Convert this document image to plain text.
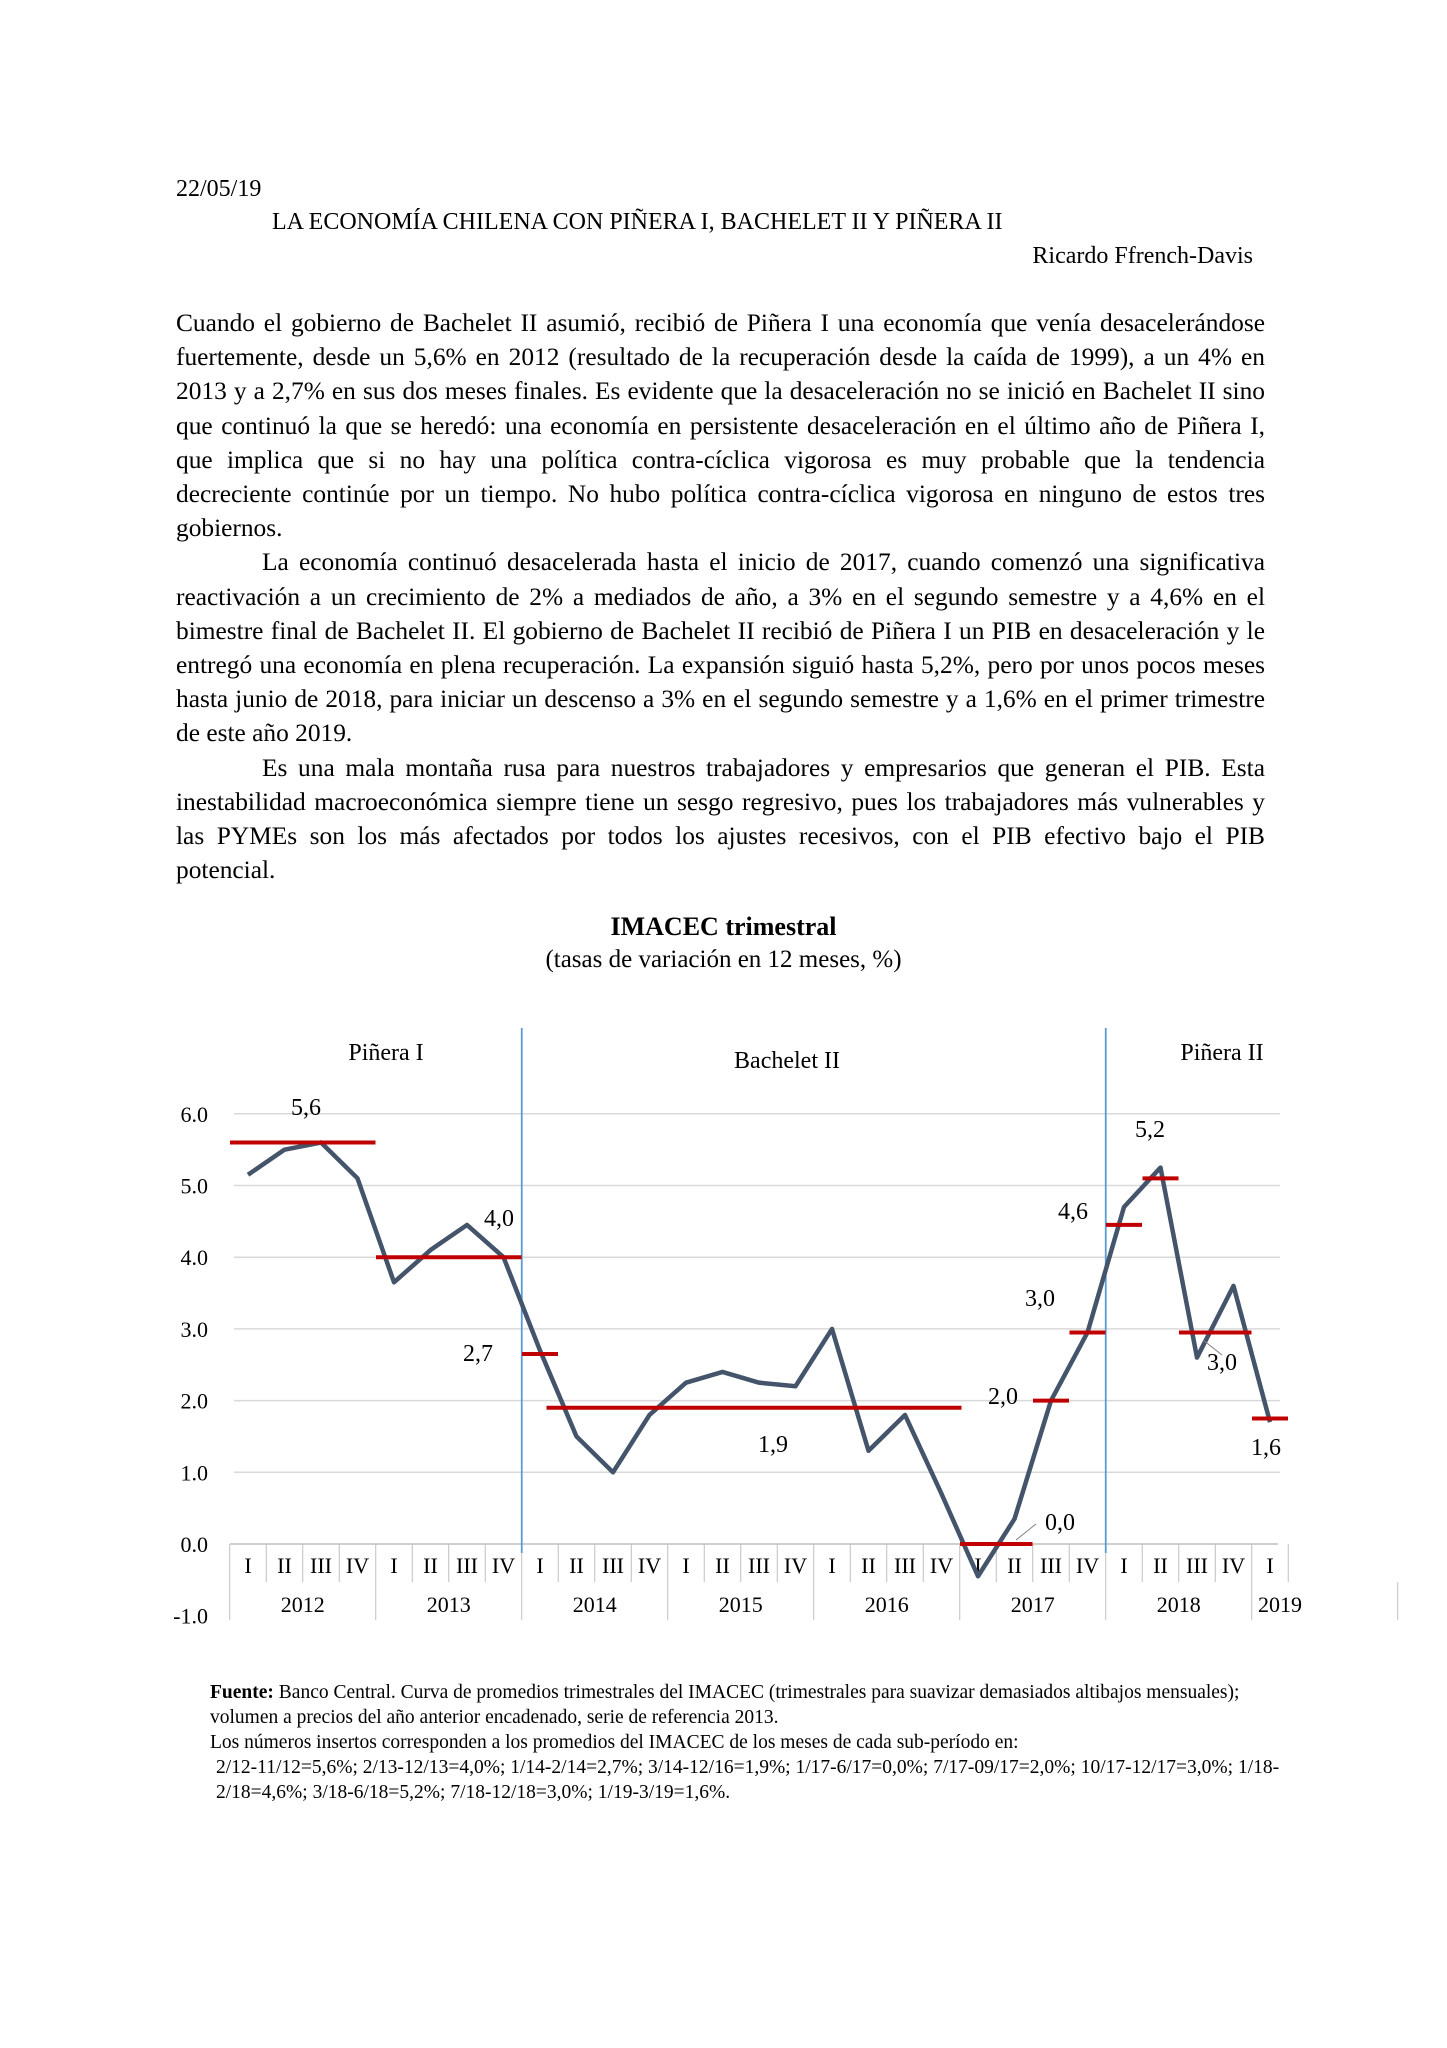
22/05/19
LA ECONOMÍA CHILENA CON PIÑERA I, BACHELET II Y PIÑERA II
Ricardo Ffrench-Davis

Cuando el gobierno de Bachelet II asumió, recibió de Piñera I una economía que venía desacelerándose fuertemente, desde un 5,6% en 2012 (resultado de la recuperación desde la caída de 1999), a un 4% en 2013 y a 2,7% en sus dos meses finales. Es evidente que la desaceleración no se inició en Bachelet II sino que continuó la que se heredó: una economía en persistente desaceleración en el último año de Piñera I, que implica que si no hay una política contra-cíclica vigorosa es muy probable que la tendencia decreciente continúe por un tiempo. No hubo política contra-cíclica vigorosa en ninguno de estos tres gobiernos.

La economía continuó desacelerada hasta el inicio de 2017, cuando comenzó una significativa reactivación a un crecimiento de 2% a mediados de año, a 3% en el segundo semestre y a 4,6% en el bimestre final de Bachelet II. El gobierno de Bachelet II recibió de Piñera I un PIB en desaceleración y le entregó una economía en plena recuperación. La expansión siguió hasta 5,2%, pero por unos pocos meses hasta junio de 2018, para iniciar un descenso a 3% en el segundo semestre y a 1,6% en el primer trimestre de este año 2019.

Es una mala montaña rusa para nuestros trabajadores y empresarios que generan el PIB. Esta inestabilidad macroeconómica siempre tiene un sesgo regresivo, pues los trabajadores más vulnerables y las PYMEs son los más afectados por todos los ajustes recesivos, con el PIB efectivo bajo el PIB potencial.

IMACEC trimestral
(tasas de variación en 12 meses, %)
6.0
5.0
4.0
3.0
2.0
1.0
0.0
-1.0
I II III IV I II III IV I II III IV I II III IV I II III IV I II III IV I II III IV I
2012	2013	2014	2015	2016	2017	2018	2019
Piñera I	Bachelet II	Piñera II
5,6
4,0
2,7
1,9
0,0
2,0
3,0
4,6
5,2
3,0
1,6

Fuente: Banco Central. Curva de promedios trimestrales del IMACEC (trimestrales para suavizar demasiados altibajos mensuales); volumen a precios del año anterior encadenado, serie de referencia 2013.

Los números insertos corresponden a los promedios del IMACEC de los meses de cada sub-período en:

2/12-11/12=5,6%; 2/13-12/13=4,0%; 1/14-2/14=2,7%; 3/14-12/16=1,9%; 1/17-6/17=0,0%; 7/17-09/17=2,0%; 10/17-12/17=3,0%; 1/18-2/18=4,6%; 3/18-6/18=5,2%; 7/18-12/18=3,0%; 1/19-3/19=1,6%.
